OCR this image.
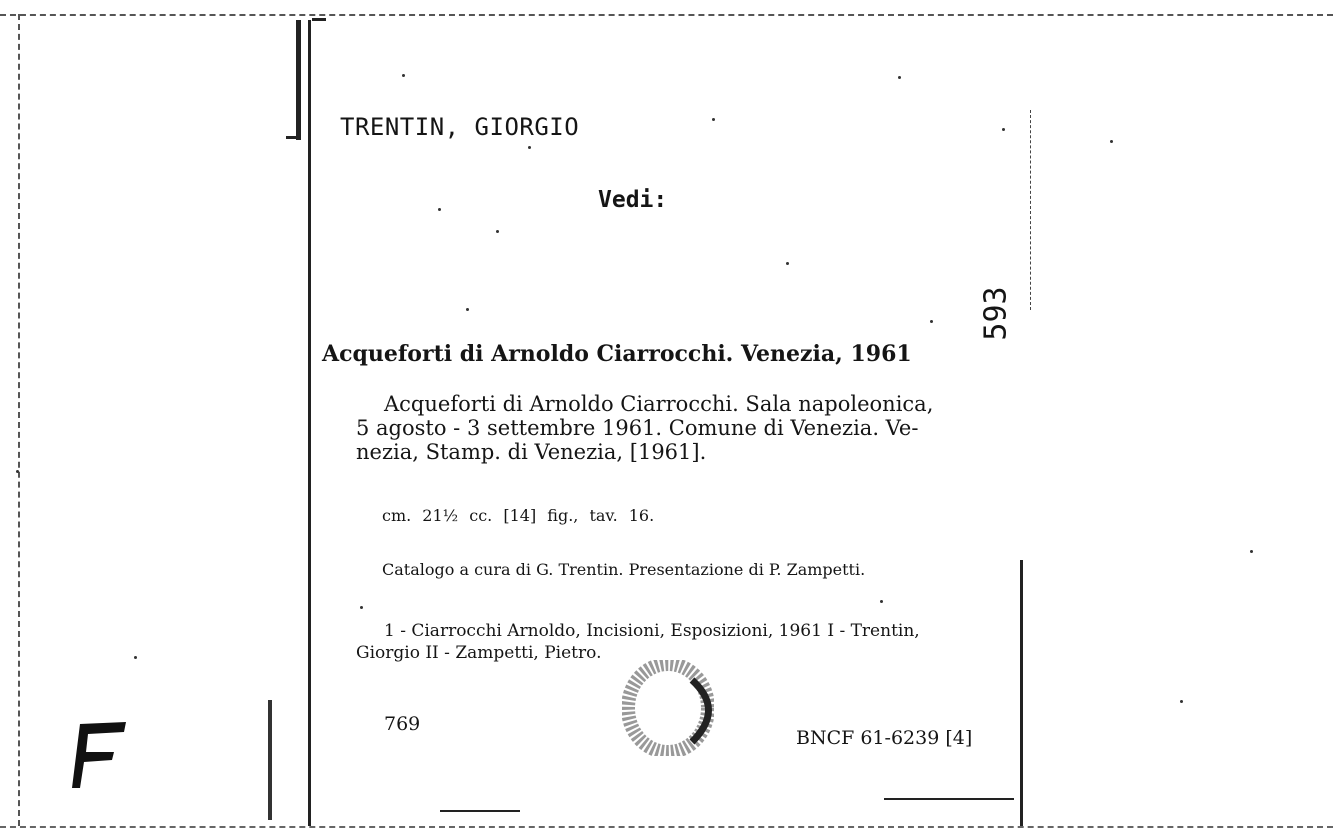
TRENTIN, GIORGIO
Vedi:
Acqueforti di Arnoldo Ciarrocchi. Venezia, 1961
Acqueforti di Arnoldo Ciarrocchi. Sala napoleonica,
5 agosto - 3 settembre 1961. Comune di Venezia. Ve-
nezia, Stamp. di Venezia, [1961].
cm. 21½ cc. [14] fig., tav. 16.
Catalogo a cura di G. Trentin. Presentazione di P. Zampetti.
1 - Ciarrocchi Arnoldo, Incisioni, Esposizioni, 1961 I - Trentin,
Giorgio II - Zampetti, Pietro.
769
BNCF 61-6239 [4]
593
